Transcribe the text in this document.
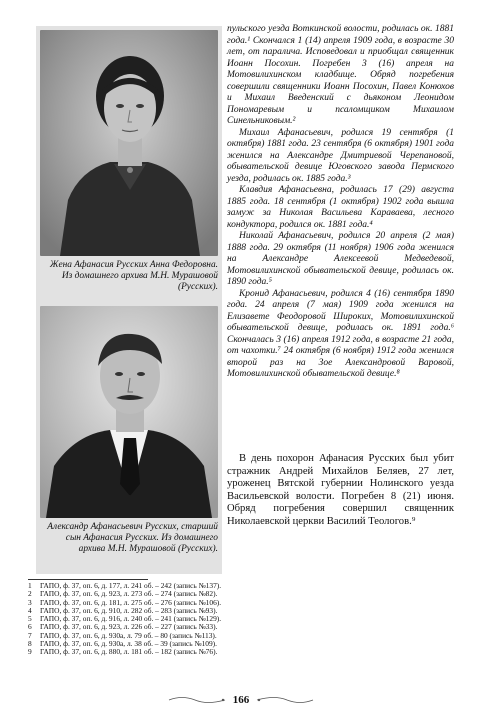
Жена Афанасия Русских Анна Федоровна. Из домашнего архива М.Н. Мурашовой (Русских).
Александр Афанасьевич Русских, старший сын Афанасия Русских. Из домашнего архива М.Н. Мурашовой (Русских).

пульского уезда Воткинской волости, родилась ок. 1881 года.¹ Скончался 1 (14) апреля 1909 года, в возрасте 30 лет, от паралича. Исповедовал и приобщал священник Иоанн Посохин. Погребен 3 (16) апреля на Мотовилихинском кладбище. Обряд погребения совершили священники Иоанн Посохин, Павел Конюхов и Михаил Введенский с дьяконом Леонидом Пономаревым и псаломщиком Михаилом Синельниковым.²

Михаил Афанасьевич, родился 19 сентября (1 октября) 1881 года. 23 сентября (6 октября) 1901 года женился на Александре Дмитриевой Черепановой, обывательской девице Юговского завода Пермского уезда, родилась ок. 1885 года.³

Клавдия Афанасьевна, родилась 17 (29) августа 1885 года. 18 сентября (1 октября) 1902 года вышла замуж за Николая Васильева Караваева, лесного кондуктора, родился ок. 1881 года.⁴

Николай Афанасьевич, родился 20 апреля (2 мая) 1888 года. 29 октября (11 ноября) 1906 года женился на Александре Алексеевой Медведевой, Мотовилихинской обывательской девице, родилась ок. 1890 года.⁵

Кронид Афанасьевич, родился 4 (16) сентября 1890 года. 24 апреля (7 мая) 1909 года женился на Елизавете Феодоровой Широких, Мотовилихинской обывательской девице, родилась ок. 1891 года.⁶ Скончалась 3 (16) апреля 1912 года, в возрасте 21 года, от чахотки.⁷ 24 октября (6 ноября) 1912 года женился второй раз на Зое Александровой Варовой, Мотовилихинской обывательской девице.⁸

В день похорон Афанасия Русских был убит стражник Андрей Михайлов Беляев, 27 лет, уроженец Вятской губернии Нолинского уезда Васильевской волости. Погребен 8 (21) июня. Обряд погребения совершил священник Николаевской церкви Василий Теологов.⁹

1	ГАПО, ф. 37, оп. 6, д. 177, л. 241 об. – 242 (запись №137).
2	ГАПО, ф. 37, оп. 6, д. 923, л. 273 об. – 274 (запись №82).
3	ГАПО, ф. 37, оп. 6, д. 181, л. 275 об. – 276 (запись №106).
4	ГАПО, ф. 37, оп. 6, д. 910, л. 282 об. – 283 (запись №93).
5	ГАПО, ф. 37, оп. 6, д. 916, л. 240 об. – 241 (запись №129).
6	ГАПО, ф. 37, оп. 6, д. 923, л. 226 об. – 227 (запись №33).
7	ГАПО, ф. 37, оп. 6, д. 930а, л. 79 об. – 80 (запись №113).
8	ГАПО, ф. 37, оп. 6, д. 930а, л. 38 об. – 39 (запись №109).
9	ГАПО, ф. 37, оп. 6, д. 880, л. 181 об. – 182 (запись №76).
166
